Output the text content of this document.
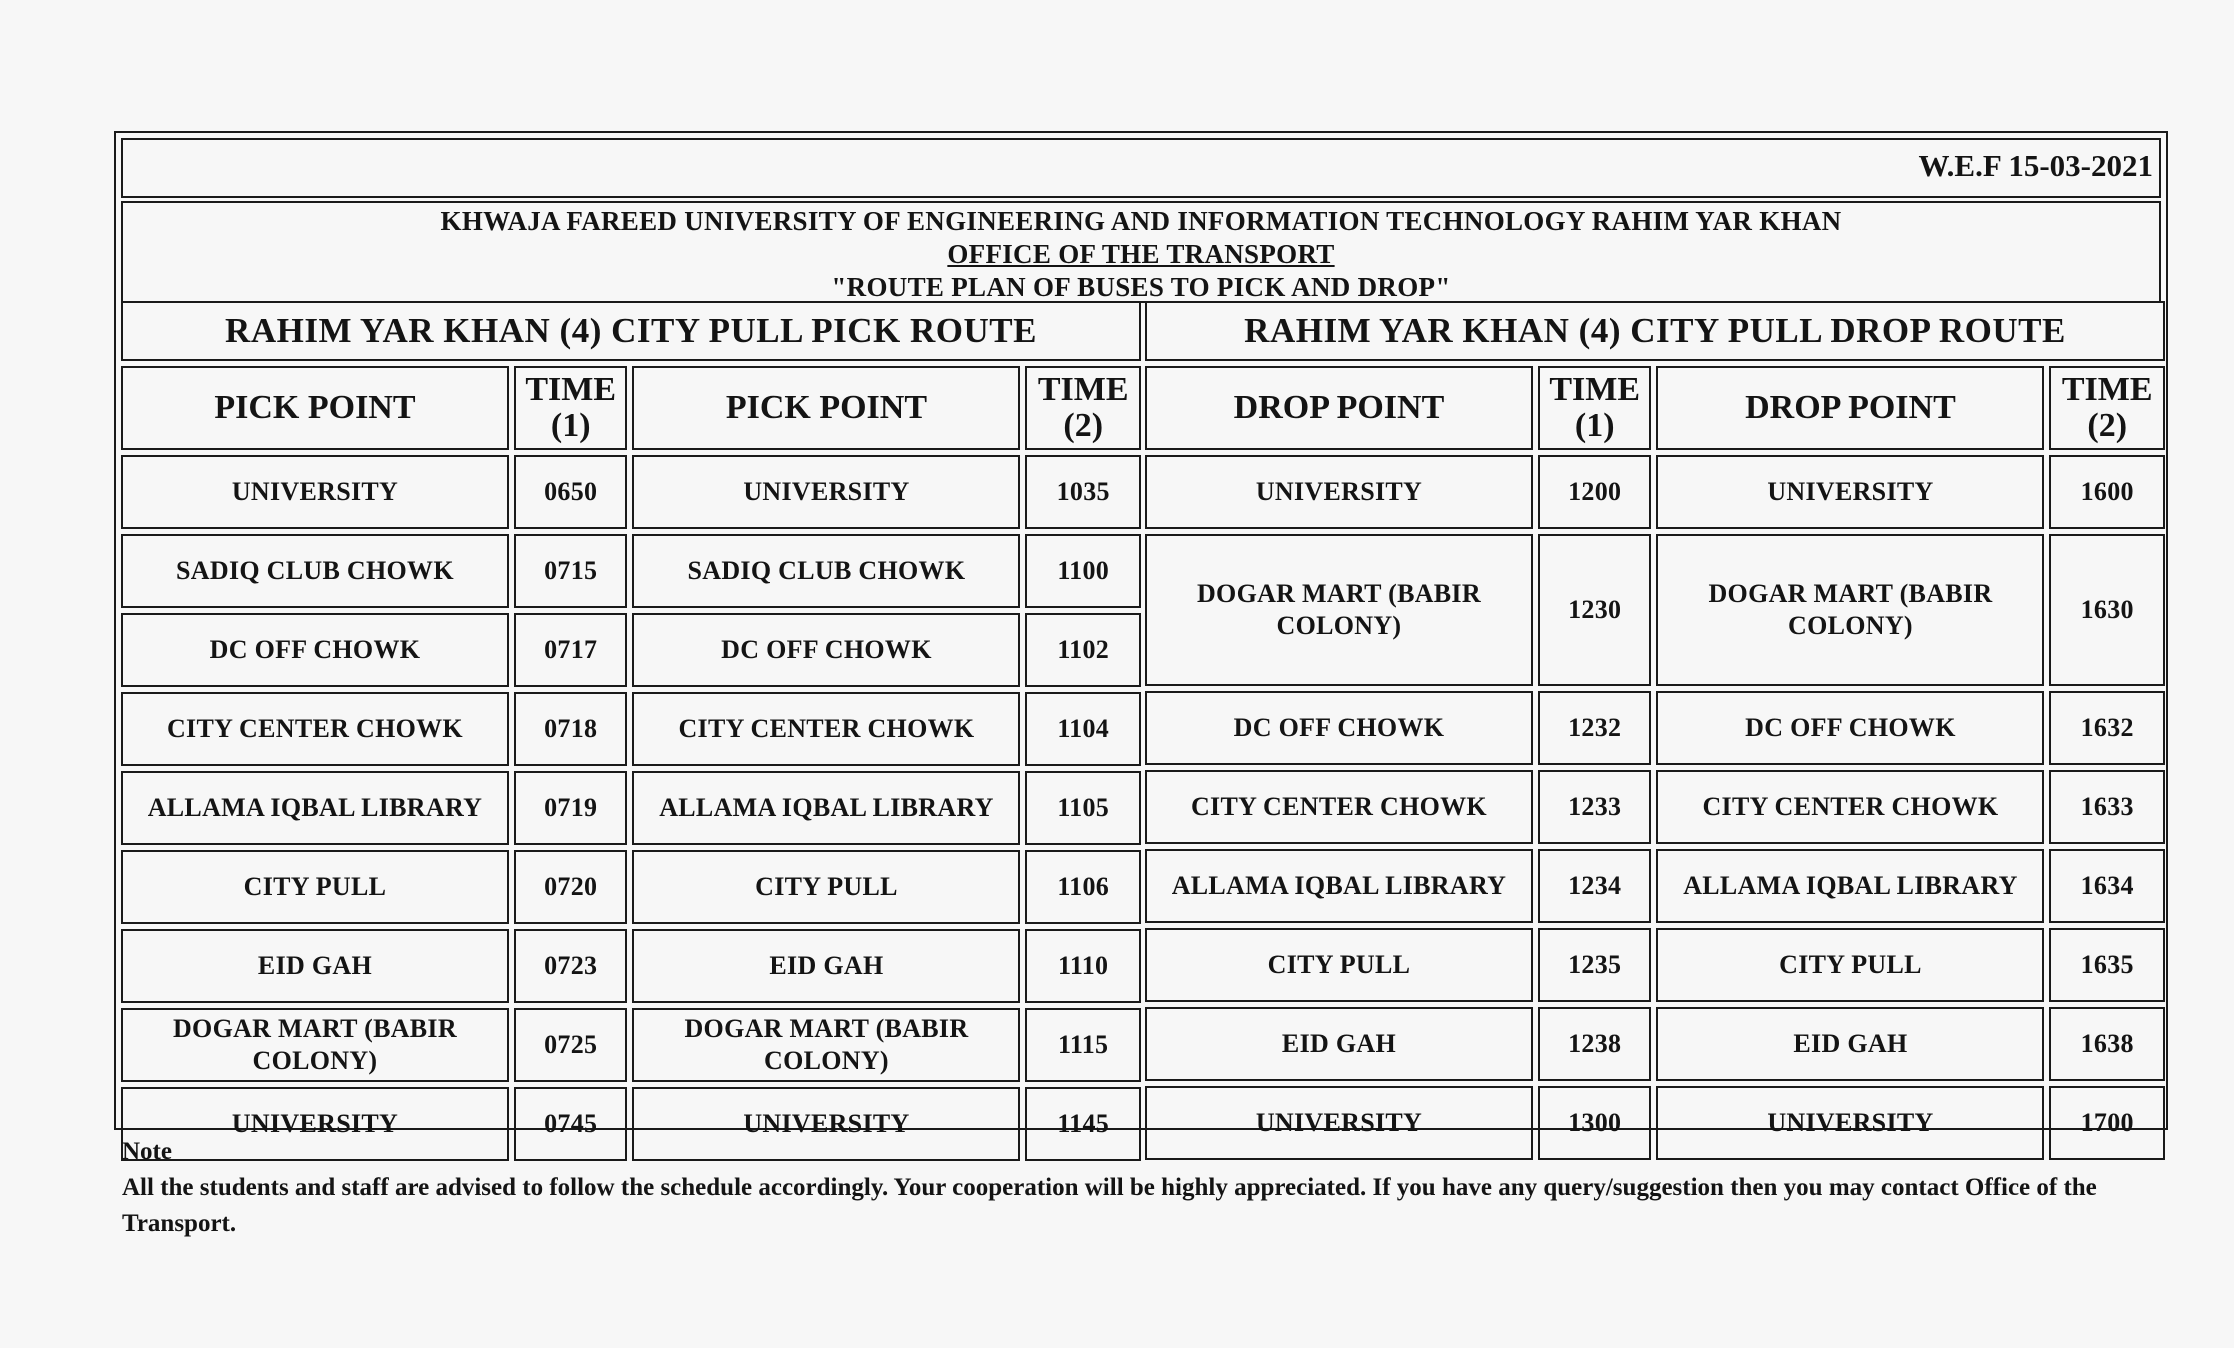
W.E.F 15-03-2021
KHWAJA FAREED UNIVERSITY OF ENGINEERING AND INFORMATION TECHNOLOGY RAHIM YAR KHAN
OFFICE OF THE TRANSPORT
"ROUTE PLAN OF BUSES TO PICK AND DROP"
RAHIM YAR KHAN (4) CITY PULL PICK ROUTE			
PICK POINT	TIME (1)	PICK POINT	TIME (2)
UNIVERSITY	0650	UNIVERSITY	1035
SADIQ CLUB CHOWK	0715	SADIQ CLUB CHOWK	1100
DC OFF CHOWK	0717	DC OFF CHOWK	1102
CITY CENTER CHOWK	0718	CITY CENTER CHOWK	1104
ALLAMA IQBAL LIBRARY	0719	ALLAMA IQBAL LIBRARY	1105
CITY PULL	0720	CITY PULL	1106
EID GAH	0723	EID GAH	1110
DOGAR MART (BABIR COLONY)	0725	DOGAR MART (BABIR COLONY)	1115
UNIVERSITY	0745	UNIVERSITY	1145
RAHIM YAR KHAN (4) CITY PULL DROP ROUTE			
DROP POINT	TIME (1)	DROP POINT	TIME (2)
UNIVERSITY	1200	UNIVERSITY	1600
DOGAR MART (BABIR COLONY)	1230	DOGAR MART (BABIR COLONY)	1630
DC OFF CHOWK	1232	DC OFF CHOWK	1632
CITY CENTER CHOWK	1233	CITY CENTER CHOWK	1633
ALLAMA IQBAL LIBRARY	1234	ALLAMA IQBAL LIBRARY	1634
CITY PULL	1235	CITY PULL	1635
EID GAH	1238	EID GAH	1638
UNIVERSITY	1300	UNIVERSITY	1700
Note
All the students and staff are advised to follow the schedule accordingly. Your cooperation will be highly appreciated. If you have any query/suggestion then you may contact Office of the Transport.
